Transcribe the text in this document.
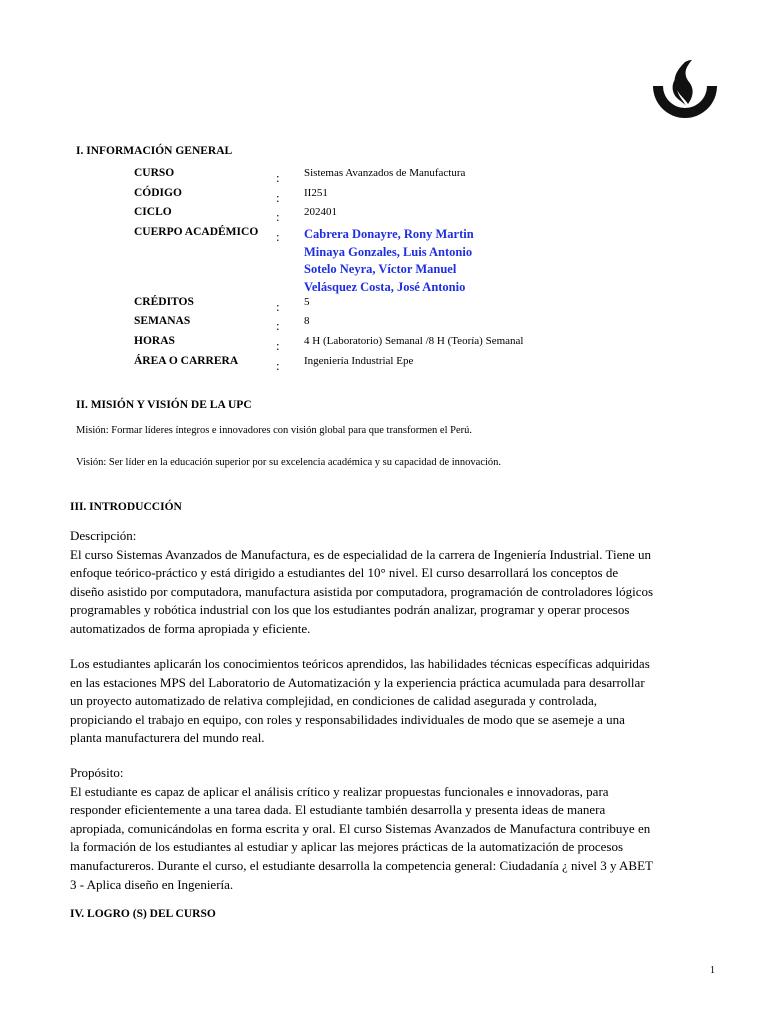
I. INFORMACIÓN GENERAL
CURSO	: Sistemas Avanzados de Manufactura
CÓDIGO	: II251
CICLO	: 202401
CUERPO ACADÉMICO : Cabrera Donayre, Rony Martin
Minaya Gonzales, Luis Antonio
Sotelo Neyra, Víctor Manuel
Velásquez Costa, José Antonio
CRÉDITOS	: 5
SEMANAS	: 8
HORAS	: 4 H (Laboratorio) Semanal /8 H (Teoría) Semanal
ÁREA O CARRERA	: Ingeniería Industrial Epe
II. MISIÓN Y VISIÓN DE LA UPC
Misión: Formar líderes íntegros e innovadores con visión global para que transformen el Perú.
Visión: Ser líder en la educación superior por su excelencia académica y su capacidad de innovación.
III. INTRODUCCIÓN
Descripción:
El curso Sistemas Avanzados de Manufactura, es de especialidad de la carrera de Ingeniería Industrial. Tiene un
enfoque teórico-práctico y está dirigido a estudiantes del 10° nivel. El curso desarrollará los conceptos de
diseño asistido por computadora, manufactura asistida por computadora, programación de controladores lógicos
programables y robótica industrial con los que los estudiantes podrán analizar, programar y operar procesos
automatizados de forma apropiada y eficiente.
Los estudiantes aplicarán los conocimientos teóricos aprendidos, las habilidades técnicas específicas adquiridas
en las estaciones MPS del Laboratorio de Automatización y la experiencia práctica acumulada para desarrollar
un proyecto automatizado de relativa complejidad, en condiciones de calidad asegurada y controlada,
propiciando el trabajo en equipo, con roles y responsabilidades individuales de modo que se asemeje a una
planta manufacturera del mundo real.
Propósito:
El estudiante es capaz de aplicar el análisis crítico y realizar propuestas funcionales e innovadoras, para
responder eficientemente a una tarea dada. El estudiante también desarrolla y presenta ideas de manera
apropiada, comunicándolas en forma escrita y oral. El curso Sistemas Avanzados de Manufactura contribuye en
la formación de los estudiantes al estudiar y aplicar las mejores prácticas de la automatización de procesos
manufactureros. Durante el curso, el estudiante desarrolla la competencia general: Ciudadanía ¿ nivel 3 y ABET
3 - Aplica diseño en Ingeniería.
IV. LOGRO (S) DEL CURSO
1
